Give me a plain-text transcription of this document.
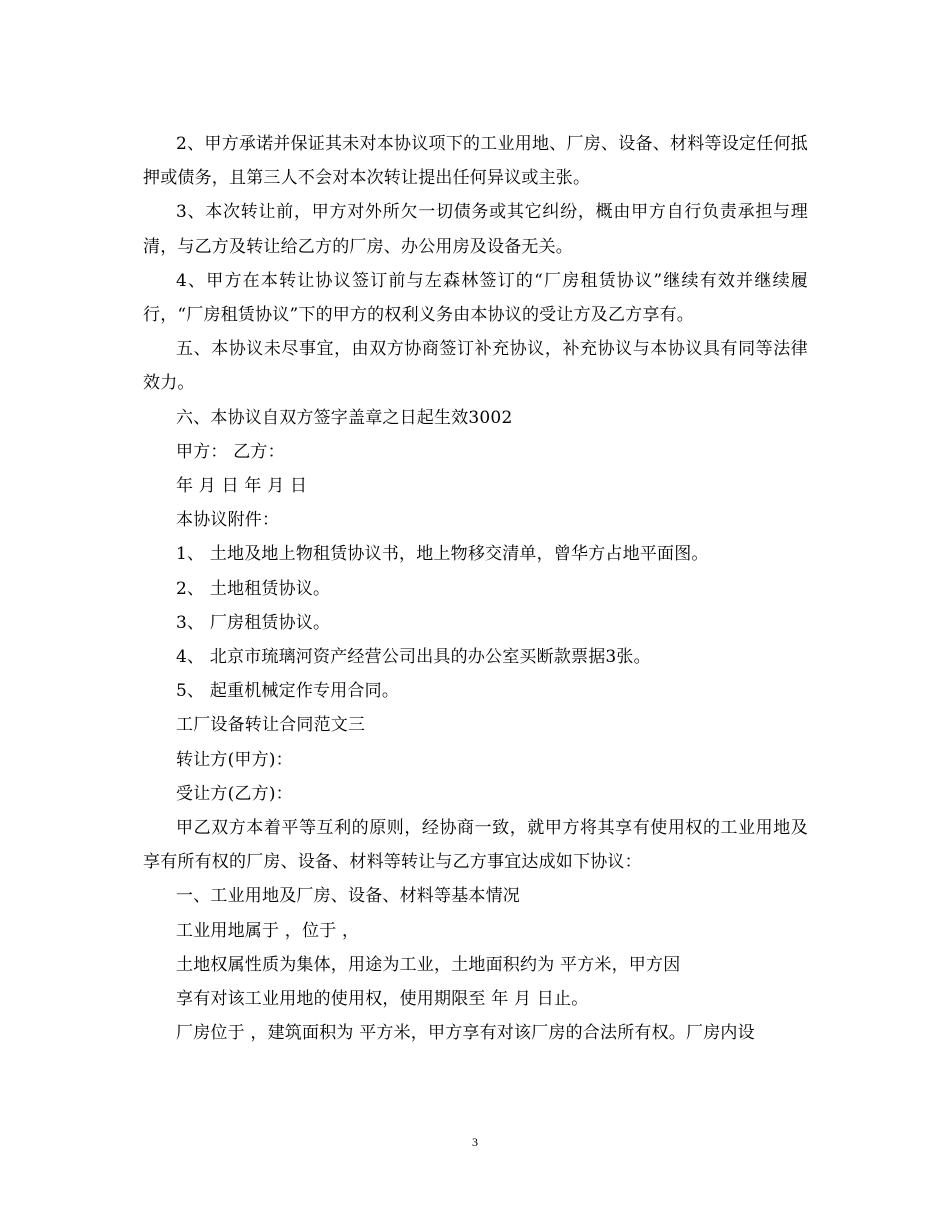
2、甲方承诺并保证其未对本协议项下的工业用地、厂房、设备、材料等设定任何抵押或债务，且第三人不会对本次转让提出任何异议或主张。

3、本次转让前，甲方对外所欠一切债务或其它纠纷，概由甲方自行负责承担与理清，与乙方及转让给乙方的厂房、办公用房及设备无关。

4、甲方在本转让协议签订前与左森林签订的“厂房租赁协议”继续有效并继续履行，“厂房租赁协议”下的甲方的权利义务由本协议的受让方及乙方享有。

五、本协议未尽事宜，由双方协商签订补充协议，补充协议与本协议具有同等法律效力。

六、本协议自双方签字盖章之日起生效3002

甲方： 乙方：

年 月 日 年 月 日

本协议附件：

1、 土地及地上物租赁协议书，地上物移交清单，曾华方占地平面图。

2、 土地租赁协议。

3、 厂房租赁协议。

4、 北京市琉璃河资产经营公司出具的办公室买断款票据3张。

5、 起重机械定作专用合同。

工厂设备转让合同范文三

转让方(甲方)：

受让方(乙方)：

甲乙双方本着平等互利的原则，经协商一致，就甲方将其享有使用权的工业用地及享有所有权的厂房、设备、材料等转让与乙方事宜达成如下协议：

一、工业用地及厂房、设备、材料等基本情况

工业用地属于 ，位于 ，

土地权属性质为集体，用途为工业，土地面积约为 平方米，甲方因

享有对该工业用地的使用权，使用期限至 年 月 日止。

厂房位于 ，建筑面积为 平方米，甲方享有对该厂房的合法所有权。厂房内设

3
